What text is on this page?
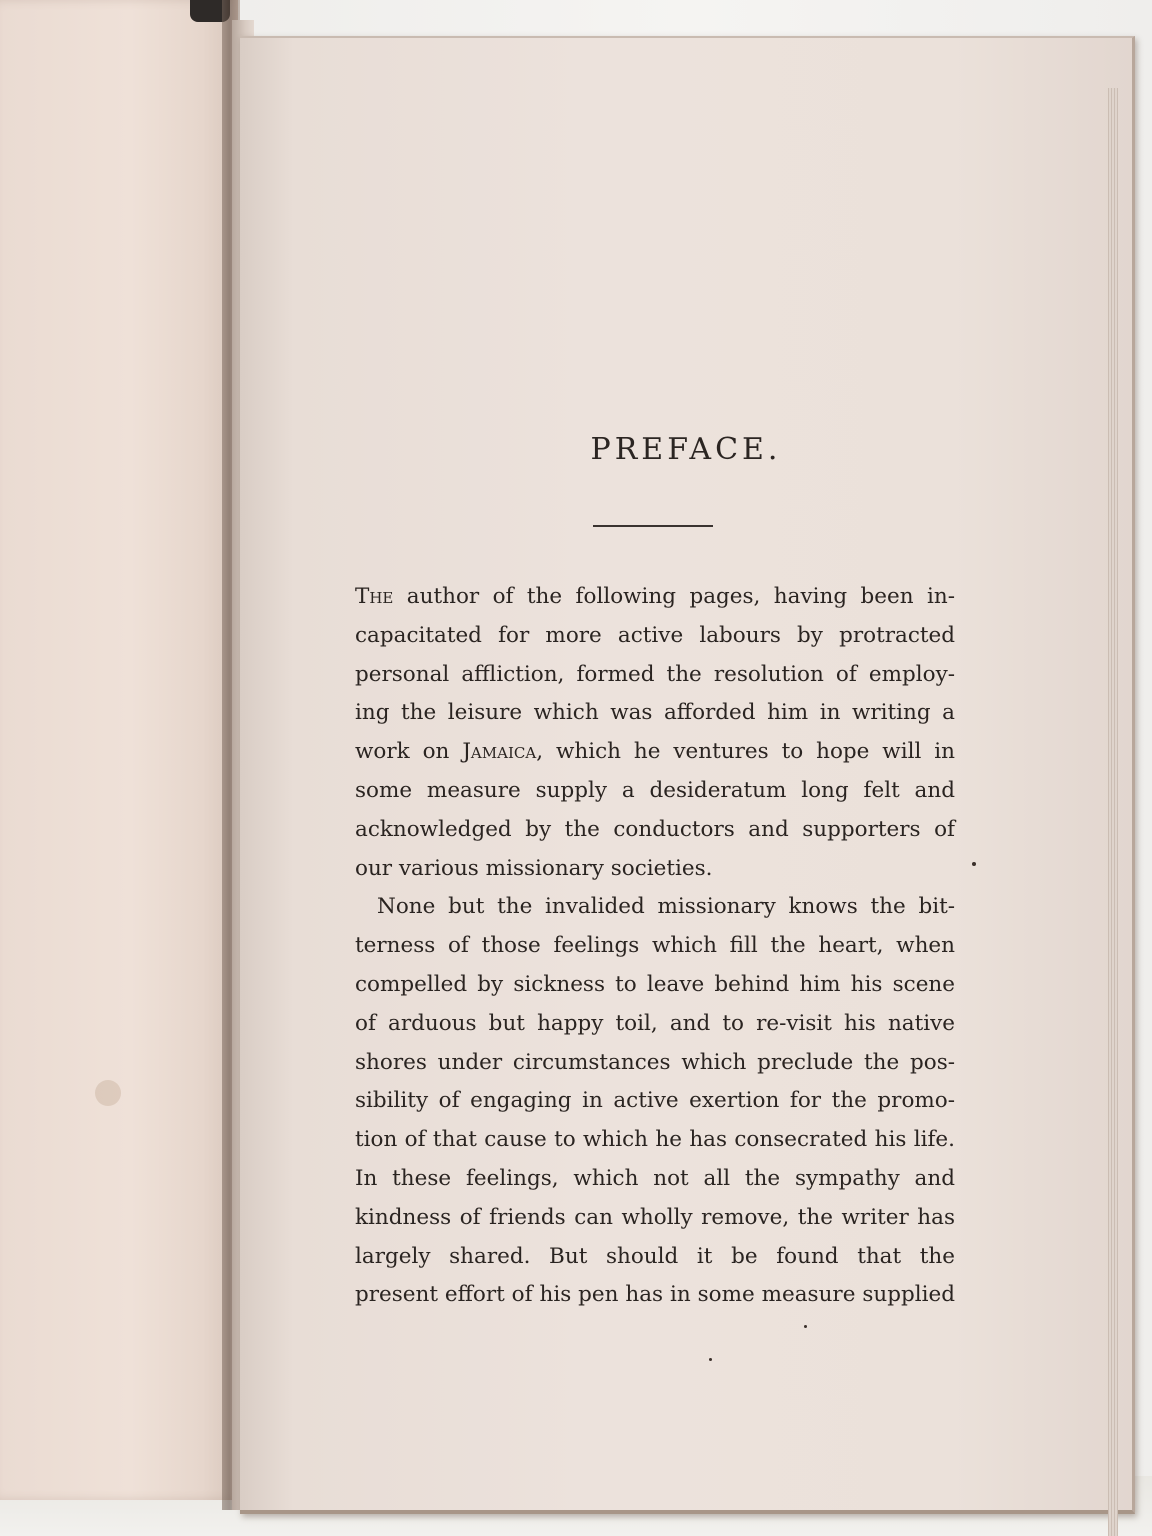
PREFACE.
The author of the following pages, having been in-
capacitated for more active labours by protracted
personal affliction, formed the resolution of employ-
ing the leisure which was afforded him in writing a
work on Jamaica, which he ventures to hope will in
some measure supply a desideratum long felt and
acknowledged by the conductors and supporters of
our various missionary societies.
None but the invalided missionary knows the bit-
terness of those feelings which fill the heart, when
compelled by sickness to leave behind him his scene
of arduous but happy toil, and to re-visit his native
shores under circumstances which preclude the pos-
sibility of engaging in active exertion for the promo-
tion of that cause to which he has consecrated his life.
In these feelings, which not all the sympathy and
kindness of friends can wholly remove, the writer has
largely shared. But should it be found that the
present effort of his pen has in some measure supplied
